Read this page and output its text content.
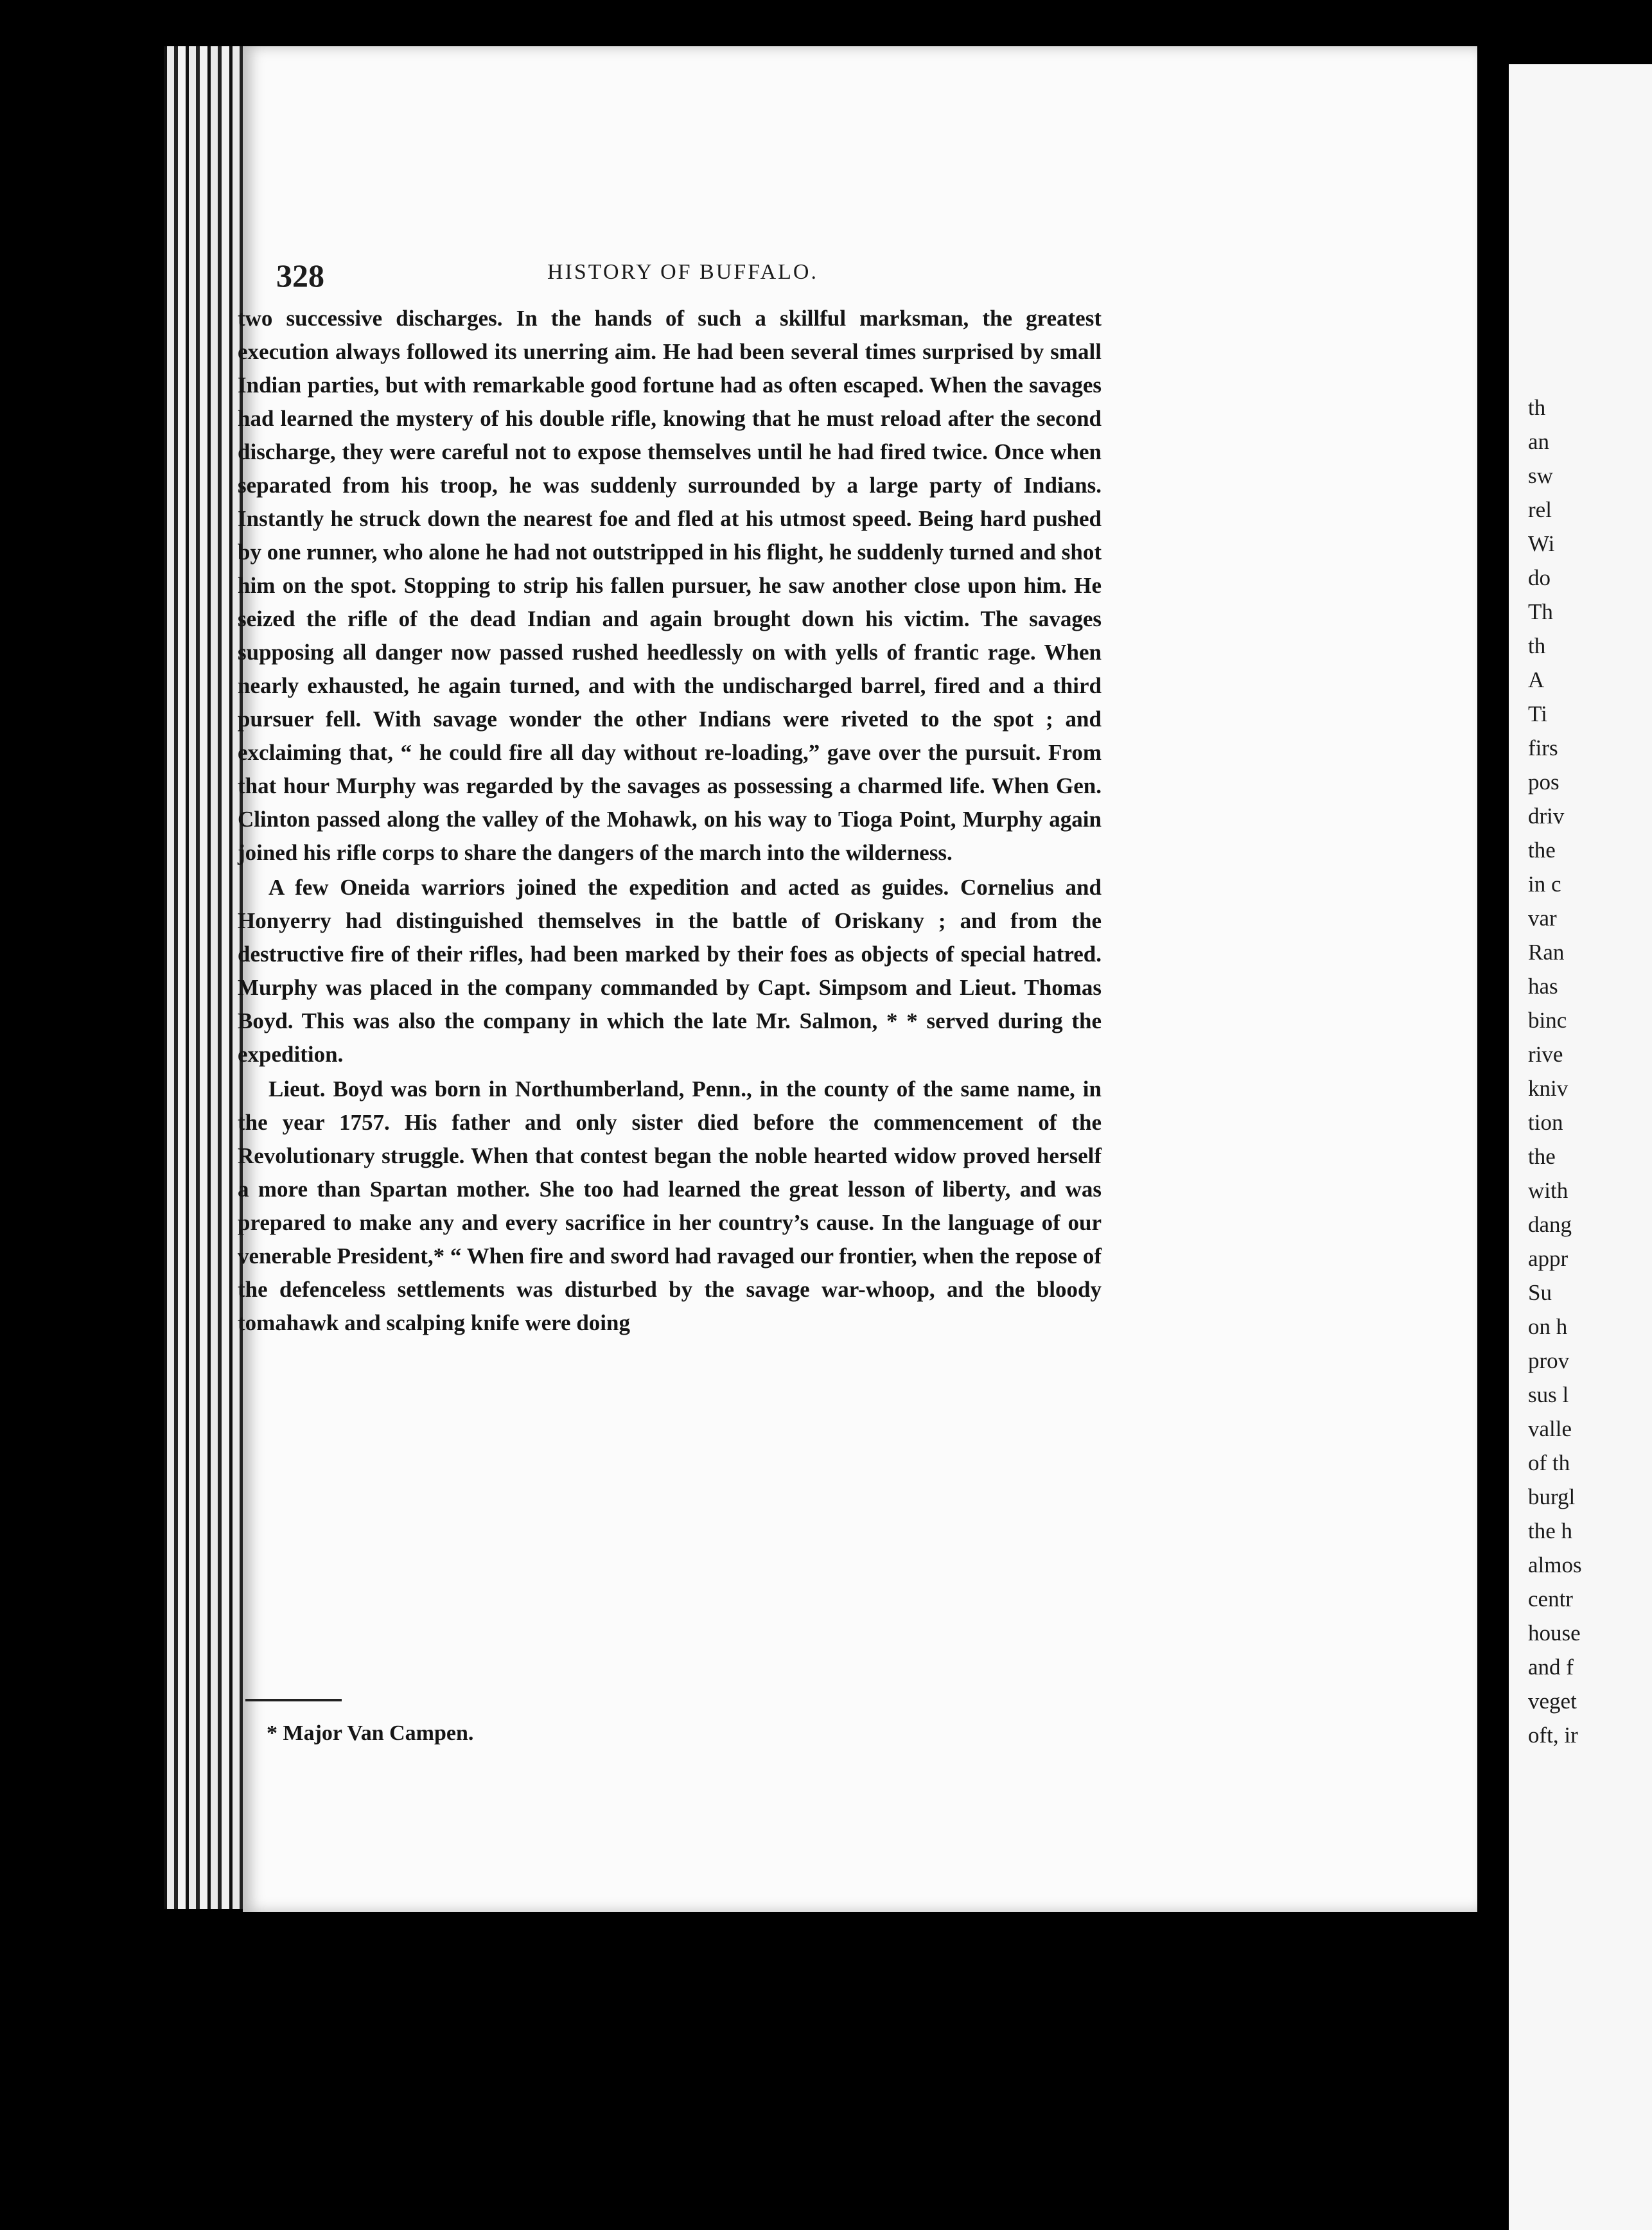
328	HISTORY OF BUFFALO.

two successive discharges. In the hands of such a skillful marksman, the greatest execution always followed its unerring aim. He had been several times surprised by small Indian parties, but with remarkable good fortune had as often escaped. When the savages had learned the mystery of his double rifle, knowing that he must reload after the second discharge, they were careful not to expose themselves until he had fired twice. Once when separated from his troop, he was suddenly surrounded by a large party of Indians. Instantly he struck down the nearest foe and fled at his utmost speed. Being hard pushed by one runner, who alone he had not outstripped in his flight, he suddenly turned and shot him on the spot. Stopping to strip his fallen pursuer, he saw another close upon him. He seized the rifle of the dead Indian and again brought down his victim. The savages supposing all danger now passed rushed heedlessly on with yells of frantic rage. When nearly exhausted, he again turned, and with the undischarged barrel, fired and a third pursuer fell. With savage wonder the other Indians were riveted to the spot ; and exclaiming that, “ he could fire all day without re-loading,” gave over the pursuit. From that hour Murphy was regarded by the savages as possessing a charmed life. When Gen. Clinton passed along the valley of the Mohawk, on his way to Tioga Point, Murphy again joined his rifle corps to share the dangers of the march into the wilderness.

A few Oneida warriors joined the expedition and acted as guides. Cornelius and Honyerry had distinguished themselves in the battle of Oriskany ; and from the destructive fire of their rifles, had been marked by their foes as objects of special hatred. Murphy was placed in the company commanded by Capt. Simpsom and Lieut. Thomas Boyd. This was also the company in which the late Mr. Salmon, * * served during the expedition.

Lieut. Boyd was born in Northumberland, Penn., in the county of the same name, in the year 1757. His father and only sister died before the commencement of the Revolutionary struggle. When that contest began the noble hearted widow proved herself a more than Spartan mother. She too had learned the great lesson of liberty, and was prepared to make any and every sacrifice in her country’s cause. In the language of our venerable President,* “ When fire and sword had ravaged our frontier, when the repose of the defenceless settlements was disturbed by the savage war-whoop, and the bloody tomahawk and scalping knife were doing

* Major Van Campen.
th
an
sw
rel
Wi
do
Th
th
A
Ti
firs
pos
driv
the
in c
var
Ran
has
binc
rive
kniv
tion
the
with
dang
appr
Su
on h
prov
sus l
valle
of th
burgl
the h
almos
centr
house
and f
veget
oft, ir
